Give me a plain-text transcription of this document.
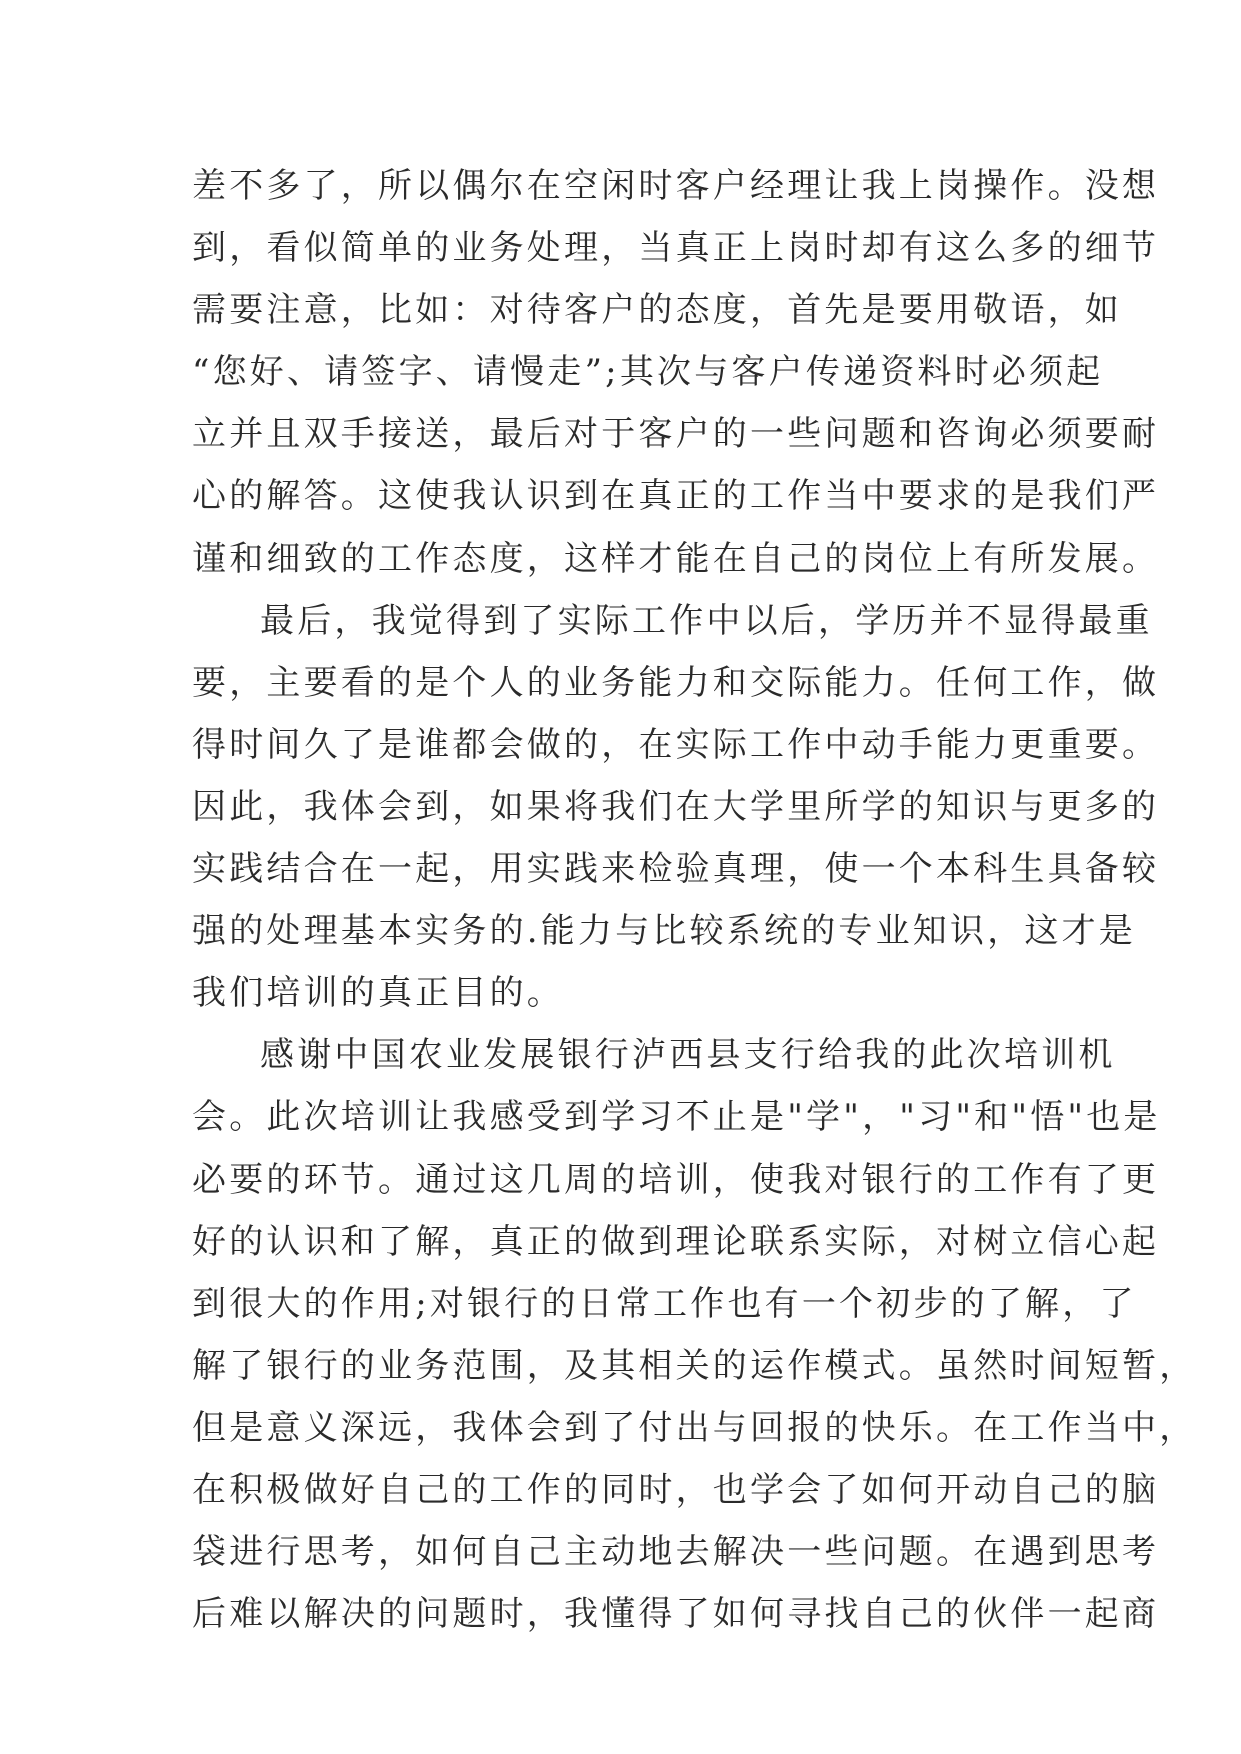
差不多了，所以偶尔在空闲时客户经理让我上岗操作。没想
到，看似简单的业务处理，当真正上岗时却有这么多的细节
需要注意，比如：对待客户的态度，首先是要用敬语，如
“您好、请签字、请慢走”;其次与客户传递资料时必须起
立并且双手接送，最后对于客户的一些问题和咨询必须要耐
心的解答。这使我认识到在真正的工作当中要求的是我们严
谨和细致的工作态度，这样才能在自己的岗位上有所发展。
最后，我觉得到了实际工作中以后，学历并不显得最重
要，主要看的是个人的业务能力和交际能力。任何工作，做
得时间久了是谁都会做的，在实际工作中动手能力更重要。
因此，我体会到，如果将我们在大学里所学的知识与更多的
实践结合在一起，用实践来检验真理，使一个本科生具备较
强的处理基本实务的.能力与比较系统的专业知识，这才是
我们培训的真正目的。
感谢中国农业发展银行泸西县支行给我的此次培训机
会。此次培训让我感受到学习不止是"学"，"习"和"悟"也是
必要的环节。通过这几周的培训，使我对银行的工作有了更
好的认识和了解，真正的做到理论联系实际，对树立信心起
到很大的作用;对银行的日常工作也有一个初步的了解，了
解了银行的业务范围，及其相关的运作模式。虽然时间短暂，
但是意义深远，我体会到了付出与回报的快乐。在工作当中，
在积极做好自己的工作的同时，也学会了如何开动自己的脑
袋进行思考，如何自己主动地去解决一些问题。在遇到思考
后难以解决的问题时，我懂得了如何寻找自己的伙伴一起商
